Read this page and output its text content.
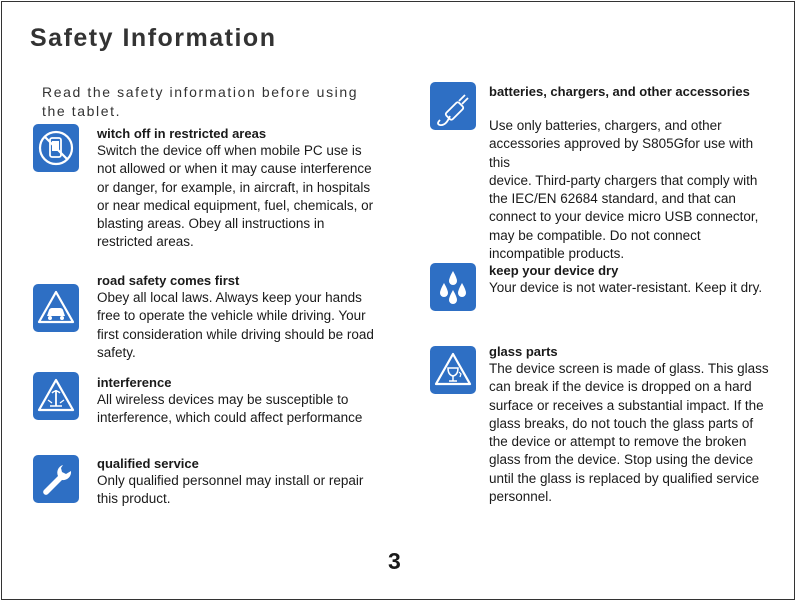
Safety Information
Read the safety information before using the tablet.
witch off in restricted areas
Switch the device off when mobile PC use is not allowed or when it may cause interference or danger, for example, in aircraft, in hospitals or near medical equipment, fuel, chemicals, or blasting areas. Obey all instructions in restricted areas.
road safety comes first
Obey all local laws. Always keep your hands free to operate the vehicle while driving. Your first consideration while driving should be road safety.
interference
All wireless devices may be susceptible to interference, which could affect performance
qualified service
Only qualified personnel may install or repair this product.
batteries, chargers, and other accessories
Use only batteries, chargers, and other accessories approved by S805Gfor use with this
device. Third-party chargers that comply with the IEC/EN 62684 standard, and that can connect to your device micro USB connector, may be compatible. Do not connect incompatible products.
keep your device dry
Your device is not water-resistant. Keep it dry.
glass parts
The device screen is made of glass. This glass can break if the device is dropped on a hard surface or receives a substantial impact. If the glass breaks, do not touch the glass parts of the device or attempt to remove the broken glass from the device. Stop using the device until the glass is replaced by qualified service personnel.
3
